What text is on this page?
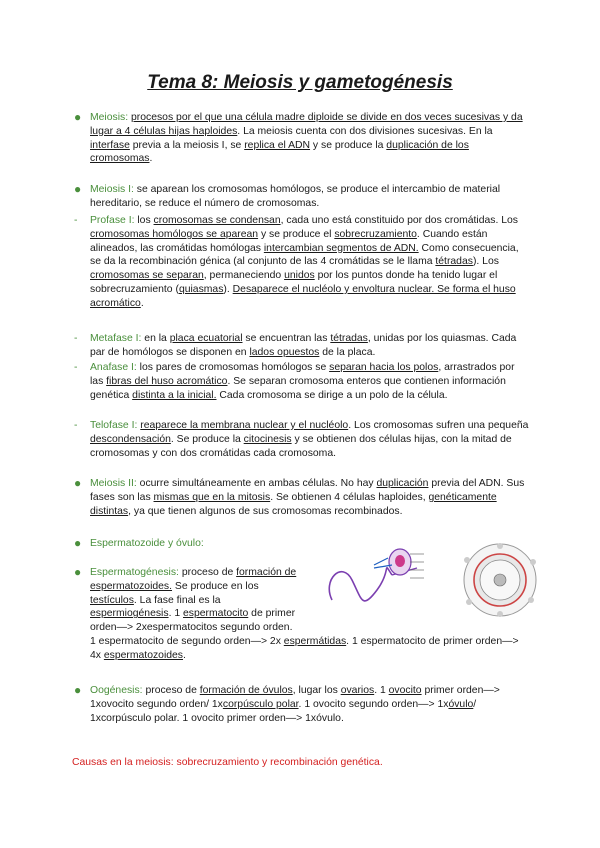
Tema 8: Meiosis y gametogénesis
● Meiosis: procesos por el que una célula madre diploide se divide en dos veces sucesivas y da lugar a 4 células hijas haploides. La meiosis cuenta con dos divisiones sucesivas. En la interfase previa a la meiosis I, se replica el ADN y se produce la duplicación de los cromosomas.
● Meiosis I: se aparean los cromosomas homólogos, se produce el intercambio de material hereditario, se reduce el número de cromosomas.
- Profase I: los cromosomas se condensan, cada uno está constituido por dos cromátidas. Los cromosomas homólogos se aparean y se produce el sobrecruzamiento. Cuando están alineados, las cromátidas homólogas intercambian segmentos de ADN. Como consecuencia, se da la recombinación génica (al conjunto de las 4 cromátidas se le llama tétradas). Los cromosomas se separan, permaneciendo unidos por los puntos donde ha tenido lugar el sobrecruzamiento (quiasmas). Desaparece el nucléolo y envoltura nuclear. Se forma el huso acromático.
- Metafase I: en la placa ecuatorial se encuentran las tétradas, unidas por los quiasmas. Cada par de homólogos se disponen en lados opuestos de la placa.
- Anafase I: los pares de cromosomas homólogos se separan hacia los polos, arrastrados por las fibras del huso acromático. Se separan cromosoma enteros que contienen información genética distinta a la inicial. Cada cromosoma se dirige a un polo de la célula.
- Telofase I: reaparece la membrana nuclear y el nucléolo. Los cromosomas sufren una pequeña descondensación. Se produce la citocinesis y se obtienen dos células hijas, con la mitad de cromosomas y con dos cromátidas cada cromosoma.
● Meiosis II: ocurre simultáneamente en ambas células. No hay duplicación previa del ADN. Sus fases son las mismas que en la mitosis. Se obtienen 4 células haploides, genéticamente distintas, ya que tienen algunos de sus cromosomas recombinados.
● Espermatozoide y óvulo:
● Espermatogénesis: proceso de formación de espermatozoides. Se produce en los testículos. La fase final es la espermiogénesis. 1 espermatocito de primer orden—> 2xespermatocitos segundo orden. 1 espermatocito de segundo orden—> 2x espermátidas. 1 espermatocito de primer orden—> 4x espermatozoides.
● Oogénesis: proceso de formación de óvulos, lugar los ovarios. 1 ovocito primer orden—> 1xovocito segundo orden/ 1xcorpúsculo polar. 1 ovocito segundo orden—> 1xóvulo/ 1xcorpúsculo polar. 1 ovocito primer orden—> 1xóvulo.
Causas en la meiosis: sobrecruzamiento y recombinación genética.
